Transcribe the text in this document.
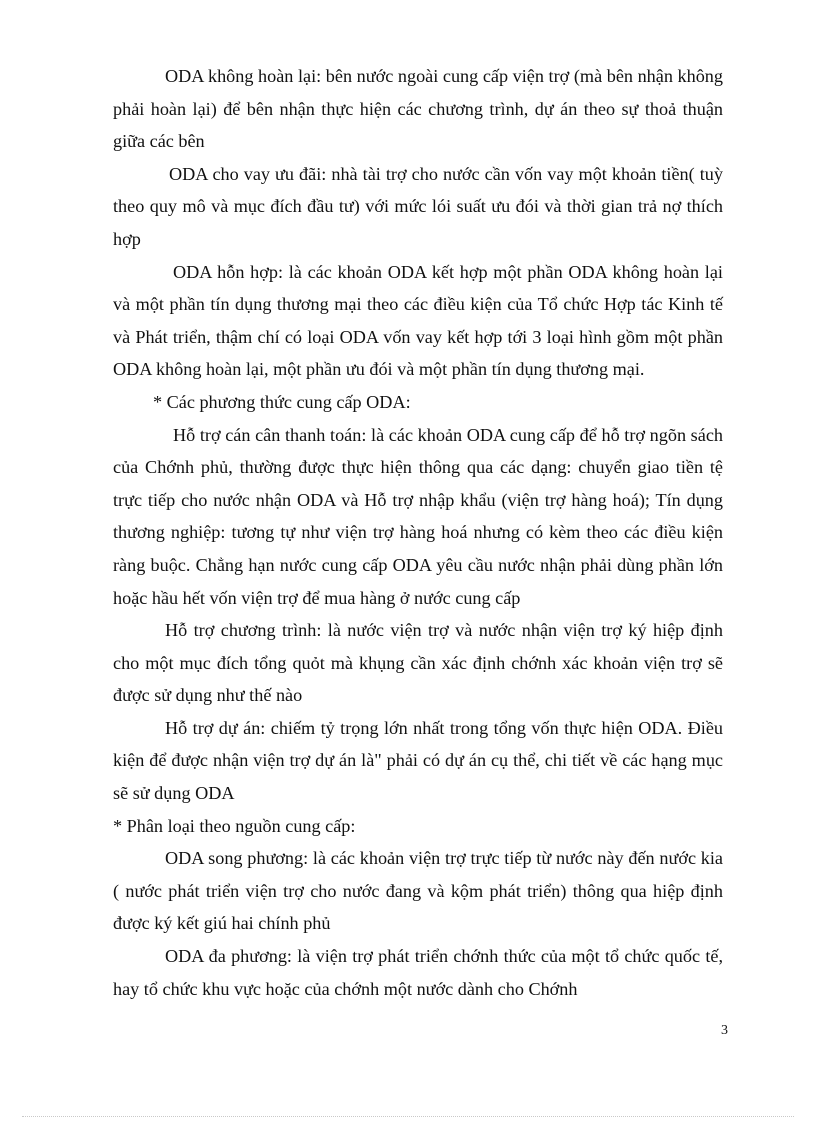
ODA không hoàn lại: bên nước ngoài cung cấp viện trợ (mà bên nhận không phải hoàn lại) để bên nhận thực hiện các chương trình, dự án theo sự thoả thuận giữa các bên

ODA cho vay ưu đãi: nhà tài trợ cho nước cần vốn vay một khoản tiền( tuỳ theo quy mô và mục đích đầu tư) với mức lói suất ưu đói và thời gian trả nợ thích hợp

ODA hỗn hợp: là các khoản ODA kết hợp một phần ODA không hoàn lại và một phần tín dụng thương mại theo các điều kiện của Tổ chức Hợp tác Kinh tế và Phát triển, thậm chí có loại ODA vốn vay kết hợp tới 3 loại hình gồm một phần ODA không hoàn lại, một phần ưu đói và một phần tín dụng thương mại.

* Các phương thức cung cấp ODA:

Hỗ trợ cán cân thanh toán: là các khoản ODA cung cấp để hỗ trợ ngõn sách của Chớnh phủ, thường được thực hiện thông qua các dạng: chuyển giao tiền tệ trực tiếp cho nước nhận ODA và Hỗ trợ nhập khẩu (viện trợ hàng hoá); Tín dụng thương nghiệp: tương tự như viện trợ hàng hoá nhưng có kèm theo các điều kiện ràng buộc. Chẳng hạn nước cung cấp ODA yêu cầu nước nhận phải dùng phần lớn hoặc hầu hết vốn viện trợ để mua hàng ở nước cung cấp

Hỗ trợ chương trình: là nước viện trợ và nước nhận viện trợ ký hiệp định cho một mục đích tổng quỏt mà khụng cần xác định chớnh xác khoản viện trợ sẽ được sử dụng như thế nào

Hỗ trợ dự án: chiếm tỷ trọng lớn nhất trong tổng vốn thực hiện ODA. Điều kiện để được nhận viện trợ dự án là" phải có dự án cụ thể, chi tiết về các hạng mục sẽ sử dụng ODA

* Phân loại theo nguồn cung cấp:

ODA song phương: là các khoản viện trợ trực tiếp từ nước này đến nước kia ( nước phát triển viện trợ cho nước đang và kộm phát triển) thông qua hiệp định được ký kết giú hai chính phủ

ODA đa phương: là viện trợ phát triển chớnh thức của một tổ chức quốc tế, hay tổ chức khu vực hoặc của chớnh một nước dành cho Chớnh

3
